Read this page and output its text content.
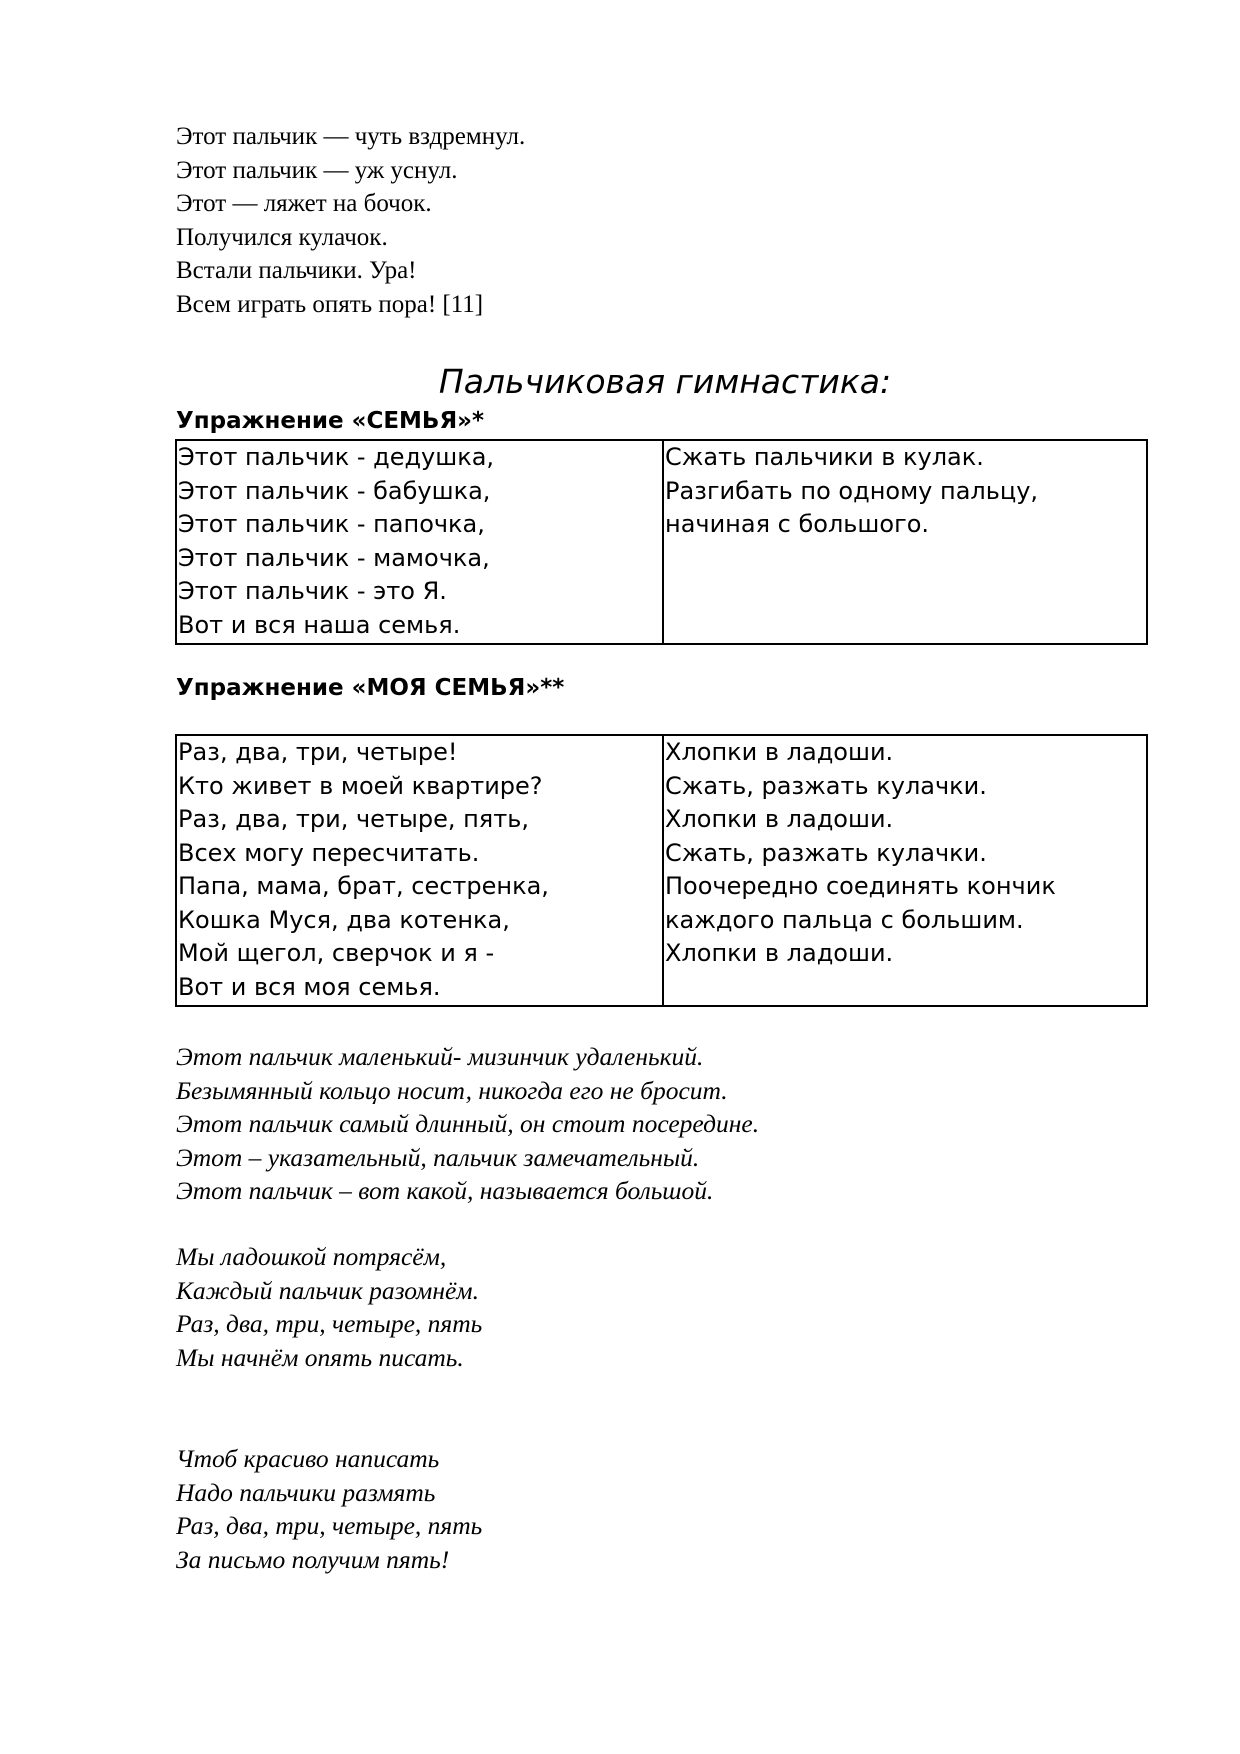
Этот пальчик — чуть вздремнул.
Этот пальчик — уж уснул.
Этот — ляжет на бочок.
Получился кулачок.
Встали пальчики. Ура!
Всем играть опять пора! [11]
Пальчиковая гимнастика:
Упражнение «СЕМЬЯ»*
Этот пальчик - дедушка,
Этот пальчик - бабушка,
Этот пальчик - папочка,
Этот пальчик - мамочка,
Этот пальчик - это Я.
Вот и вся наша семья.

Сжать пальчики в кулак.
Разгибать по одному пальцу,
начиная с большого.
Упражнение «МОЯ СЕМЬЯ»**
Раз, два, три, четыре!
Кто живет в моей квартире?
Раз, два, три, четыре, пять,
Всех могу пересчитать.
Папа, мама, брат, сестренка,
Кошка Муся, два котенка,
Мой щегол, сверчок и я -
Вот и вся моя семья.

Хлопки в ладоши.
Сжать, разжать кулачки.
Хлопки в ладоши.
Сжать, разжать кулачки.
Поочередно соединять кончик
каждого пальца с большим.
Хлопки в ладоши.
Этот пальчик маленький- мизинчик удаленький.
Безымянный кольцо носит, никогда его не бросит.
Этот пальчик самый длинный, он стоит посередине.
Этот – указательный, пальчик замечательный.
Этот пальчик – вот какой, называется большой.
Мы ладошкой потрясём,
Каждый пальчик разомнём.
Раз, два, три, четыре, пять
Мы начнём опять писать.
Чтоб красиво написать
Надо пальчики размять
Раз, два, три, четыре, пять
За письмо получим пять!
